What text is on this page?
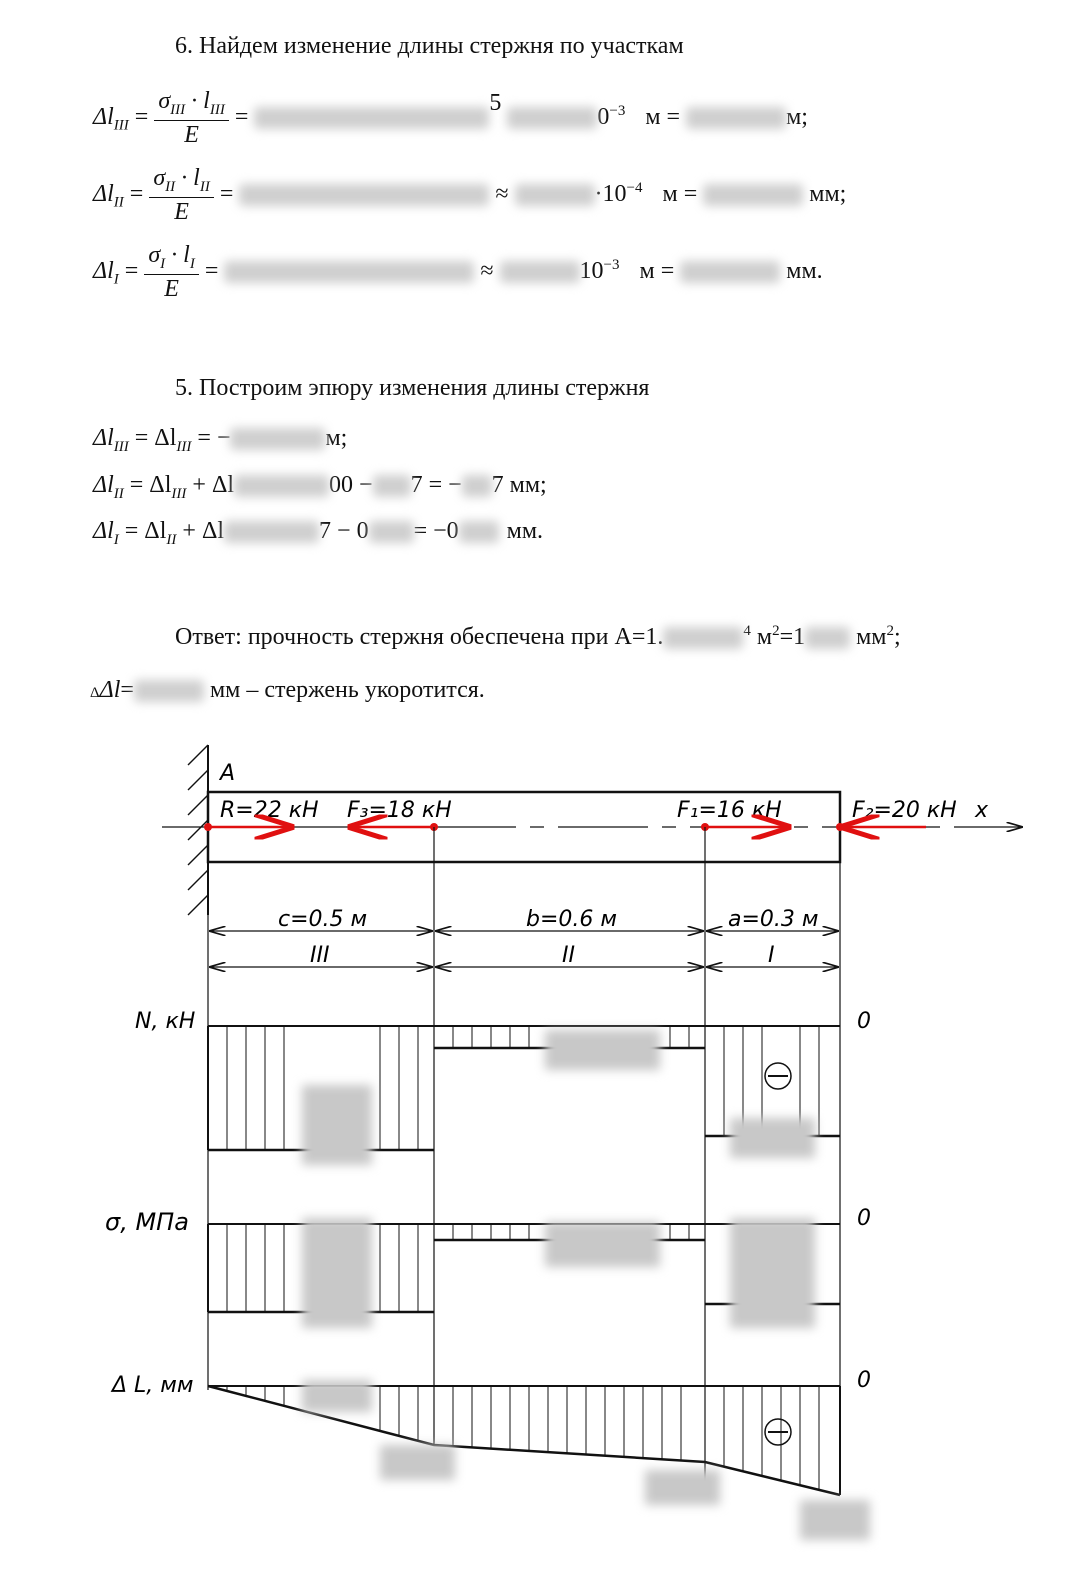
6. Найдем изменение длины стержня по участкам
$\Delta l_{III} = \frac{\sigma_{III} \cdot l_{III}}{E} = 5$ $0^{-3}$ м =	м;
$\Delta l_{II} = \frac{\sigma_{II} \cdot l_{II}}{E}$ =	≈	$\cdot 10^{-4}$ м =	мм;
$\Delta l_I = \frac{\sigma_I \cdot l_I}{E}$ =	≈	$10^{-3}$ м =	мм.
5. Построим эпюру изменения длины стержня
$\Delta l_{III} = \Delta l_{III}$ = −	м;
$\Delta l_{II} = \Delta l_{III} + \Delta l$	00 − 7 = − 7 мм;
$\Delta l_I = \Delta l_{II} + \Delta l$	7 − 0 = −0 мм.
Ответ: прочность стержня обеспечена при A=1.	$^4$ $м^2=1$ $мм^2$;
ΔΔl=	мм – стержень укоротится.
A
x
R=22 кН F₃=18 кН	F₁=16 кН	F₂=20 кН
c=0.5 м	b=0.6 м	a=0.3 м
III	II	I
N, кН	0
σ, МПа	0
Δ L, мм	0
